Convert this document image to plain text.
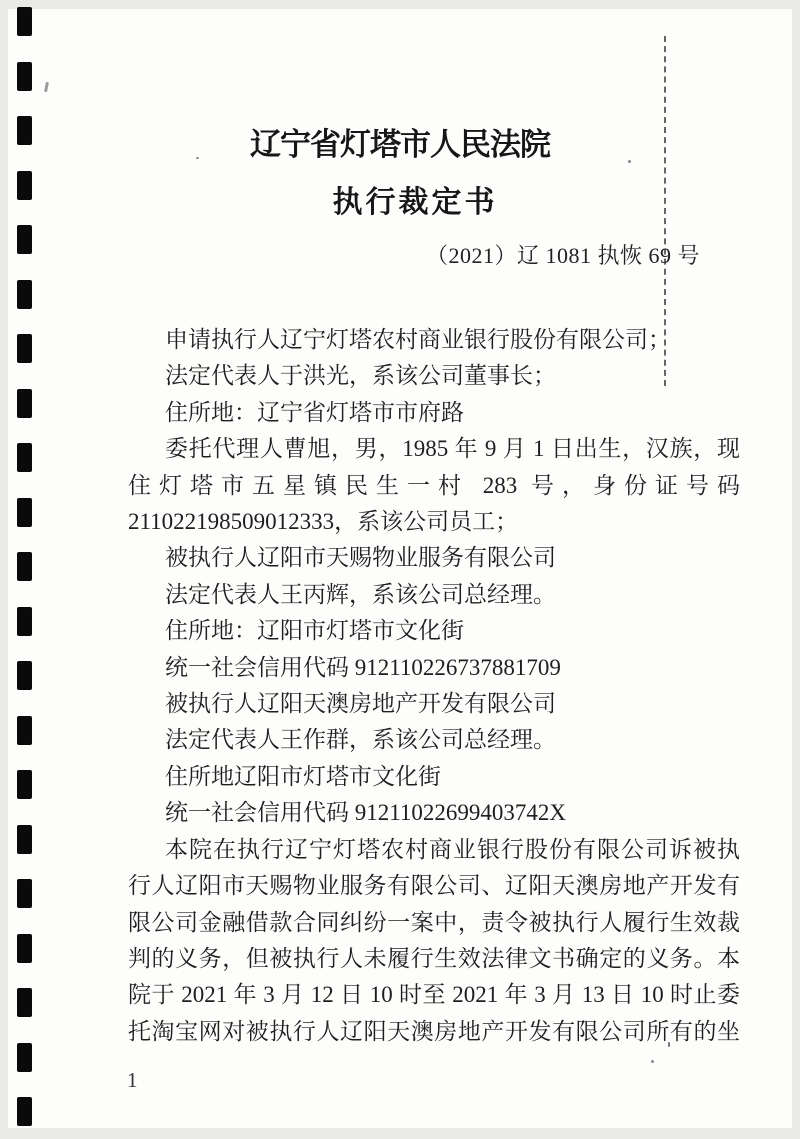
辽宁省灯塔市人民法院
执行裁定书
（2021）辽 1081 执恢 69 号
申请执行人辽宁灯塔农村商业银行股份有限公司；
法定代表人于洪光，系该公司董事长；
住所地：辽宁省灯塔市市府路
委托代理人曹旭，男，1985 年 9 月 1 日出生，汉族，现
住灯塔市五星镇民生一村 283 号，身份证号码
211022198509012333，系该公司员工；
被执行人辽阳市天赐物业服务有限公司
法定代表人王丙辉，系该公司总经理。
住所地：辽阳市灯塔市文化街
统一社会信用代码 912110226737881709
被执行人辽阳天澳房地产开发有限公司
法定代表人王作群，系该公司总经理。
住所地辽阳市灯塔市文化街
统一社会信用代码 91211022699403742X
本院在执行辽宁灯塔农村商业银行股份有限公司诉被执
行人辽阳市天赐物业服务有限公司、辽阳天澳房地产开发有
限公司金融借款合同纠纷一案中，责令被执行人履行生效裁
判的义务，但被执行人未履行生效法律文书确定的义务。本
院于 2021 年 3 月 12 日 10 时至 2021 年 3 月 13 日 10 时止委
托淘宝网对被执行人辽阳天澳房地产开发有限公司所有的坐
1
